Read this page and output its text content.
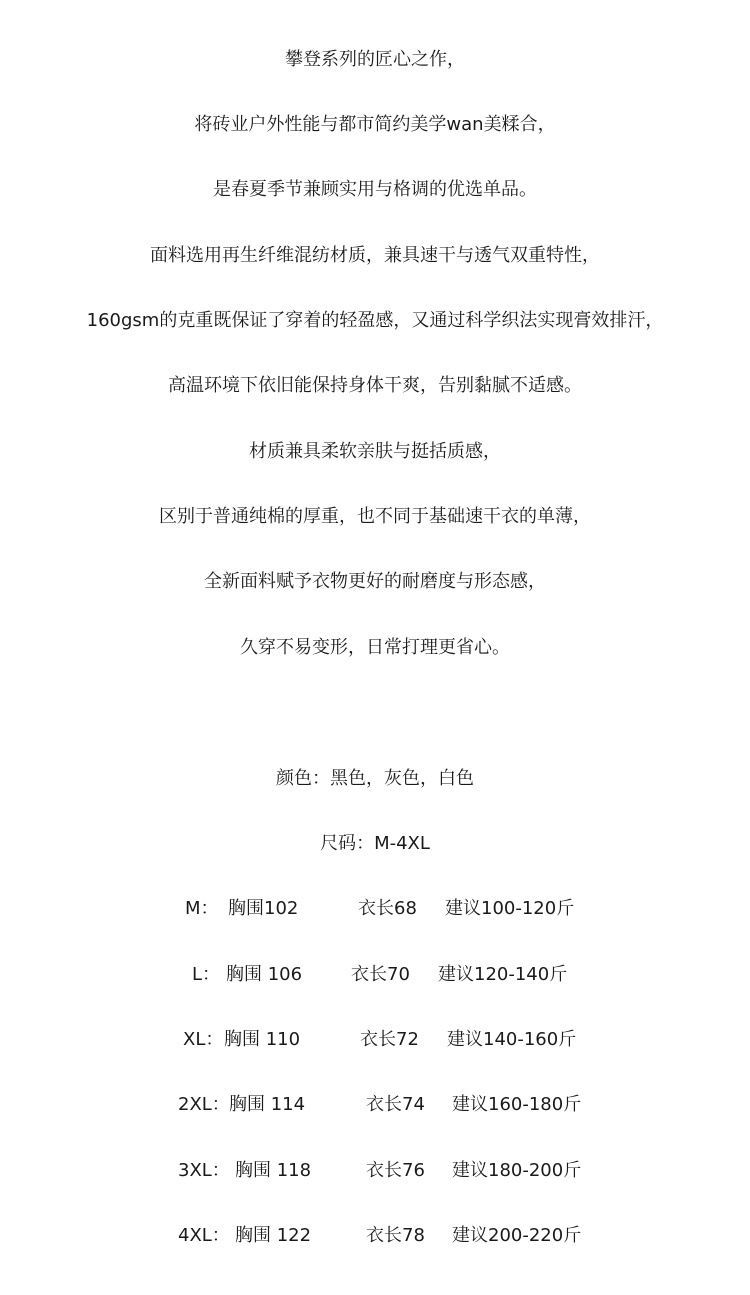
攀登系列的匠心之作，
将砖业户外性能与都市简约美学wan美糅合，
是春夏季节兼顾实用与格调的优选单品。
面料选用再生纤维混纺材质，兼具速干与透气双重特性，
160gsm的克重既保证了穿着的轻盈感，又通过科学织法实现膏效排汗，
高温环境下依旧能保持身体干爽，告别黏腻不适感。
材质兼具柔软亲肤与挺括质感，
区别于普通纯棉的厚重，也不同于基础速干衣的单薄，
全新面料赋予衣物更好的耐磨度与形态感，
久穿不易变形，日常打理更省心。
颜色：黑色，灰色，白色
尺码：M-4XL
M： 胸围102	衣长68 建议100-120斤
L： 胸围 106	衣长70 建议120-140斤
XL： 胸围 110	衣长72 建议140-160斤
2XL： 胸围 114	衣长74 建议160-180斤
3XL： 胸围 118	衣长76 建议180-200斤
4XL： 胸围 122	衣长78 建议200-220斤
